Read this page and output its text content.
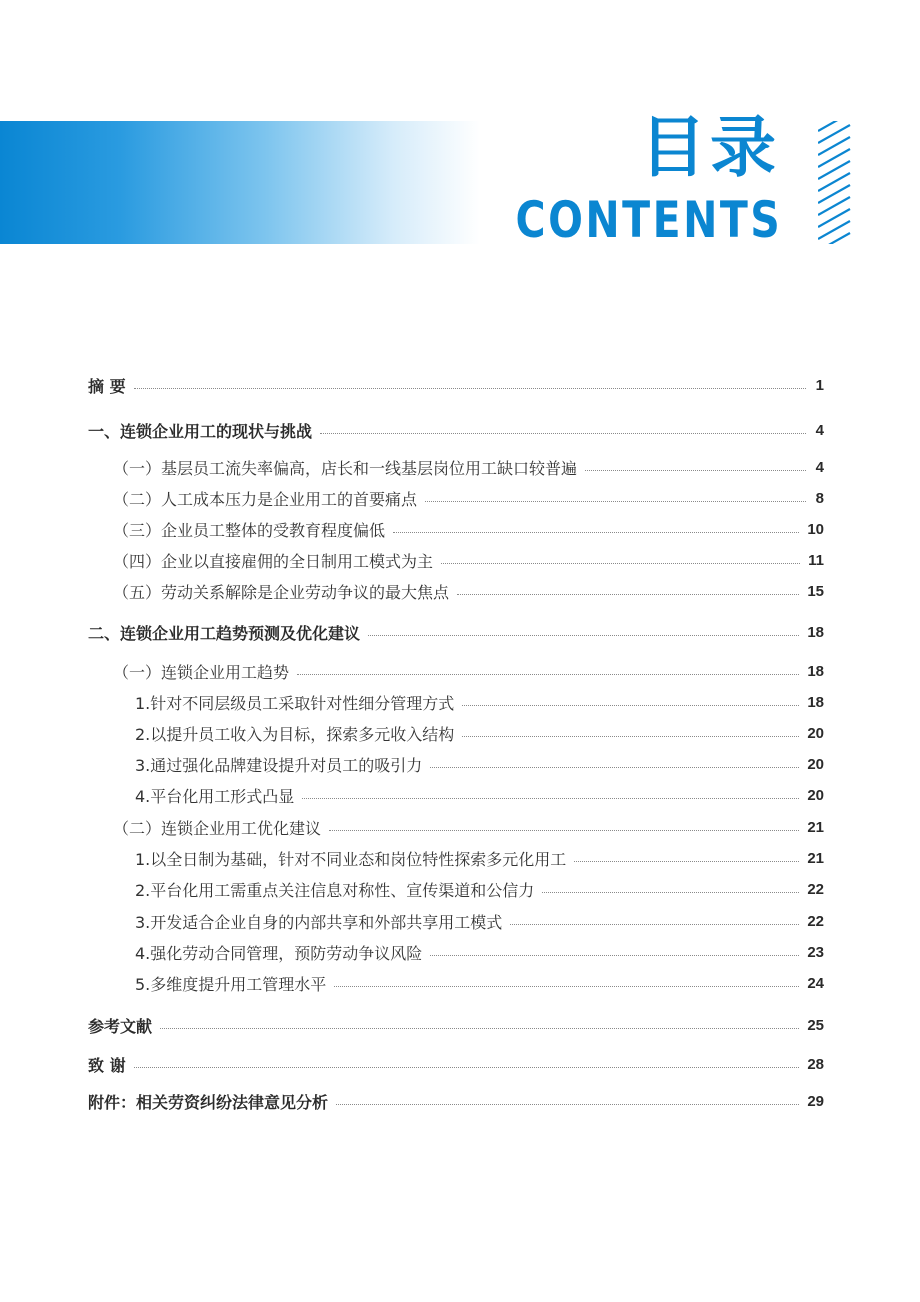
目录
CONTENTS
摘 要	1
一、连锁企业用工的现状与挑战	4
（一）基层员工流失率偏高，店长和一线基层岗位用工缺口较普遍	4
（二）人工成本压力是企业用工的首要痛点	8
（三）企业员工整体的受教育程度偏低	10
（四）企业以直接雇佣的全日制用工模式为主	11
（五）劳动关系解除是企业劳动争议的最大焦点	15
二、连锁企业用工趋势预测及优化建议	18
（一）连锁企业用工趋势	18
1.针对不同层级员工采取针对性细分管理方式	18
2.以提升员工收入为目标，探索多元收入结构	20
3.通过强化品牌建设提升对员工的吸引力	20
4.平台化用工形式凸显	20
（二）连锁企业用工优化建议	21
1.以全日制为基础，针对不同业态和岗位特性探索多元化用工	21
2.平台化用工需重点关注信息对称性、宣传渠道和公信力	22
3.开发适合企业自身的内部共享和外部共享用工模式	22
4.强化劳动合同管理，预防劳动争议风险	23
5.多维度提升用工管理水平	24
参考文献	25
致 谢	28
附件：相关劳资纠纷法律意见分析	29
